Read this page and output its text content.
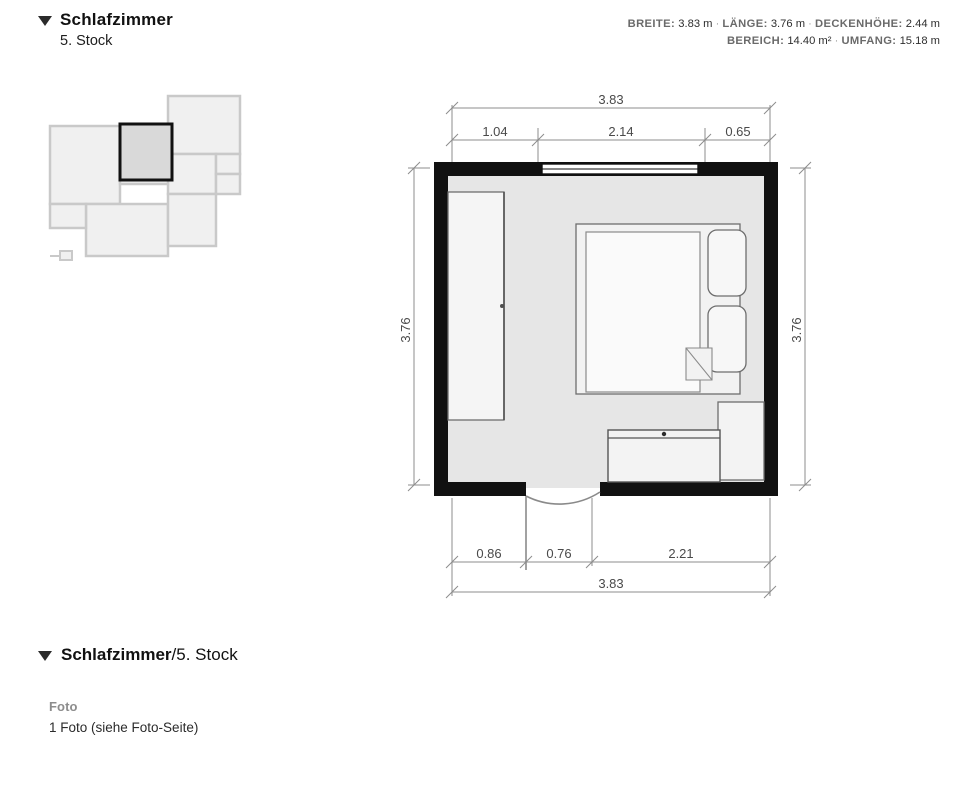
Schlafzimmer
5. Stock
BREITE: 3.83 m · LÄNGE: 3.76 m · DECKENHÖHE: 2.44 m
BEREICH: 14.40 m² · UMFANG: 15.18 m
3.83
1.04	2.14	0.65
3.76	3.76
0.86	0.76	2.21
3.83
Schlafzimmer/5. Stock
Foto
1 Foto (siehe Foto-Seite)
